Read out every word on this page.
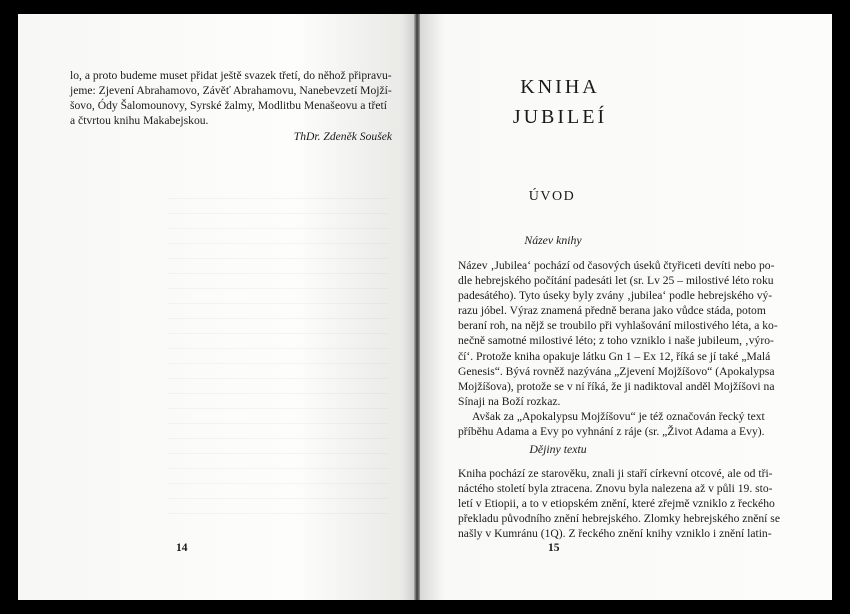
lo, a proto budeme muset přidat ještě svazek třetí, do něhož připravu-
jeme: Zjevení Abrahamovo, Závěť Abrahamovu, Nanebevzetí Mojží-
šovo, Ódy Šalomounovy, Syrské žalmy, Modlitbu Menašeovu a třetí
a čtvrtou knihu Makabejskou.
ThDr. Zdeněk Soušek
14
KNIHA
JUBILEÍ
ÚVOD
Název knihy
Název ‚Jubilea‘ pochází od časových úseků čtyřiceti devíti nebo po-
dle hebrejského počítání padesáti let (sr. Lv 25 – milostivé léto roku
padesátého). Tyto úseky byly zvány ‚jubilea‘ podle hebrejského vý-
razu jóbel. Výraz znamená předně berana jako vůdce stáda, potom
beraní roh, na nějž se troubilo při vyhlašování milostivého léta, a ko-
nečně samotné milostivé léto; z toho vzniklo i naše jubileum, ‚výro-
čí‘. Protože kniha opakuje látku Gn 1 – Ex 12, říká se jí také „Malá
Genesis“. Bývá rovněž nazývána „Zjevení Mojžíšovo“ (Apokalypsa
Mojžíšova), protože se v ní říká, že ji nadiktoval anděl Mojžíšovi na
Sínaji na Boží rozkaz.
Avšak za „Apokalypsu Mojžíšovu“ je též označován řecký text
příběhu Adama a Evy po vyhnání z ráje (sr. „Život Adama a Evy).
Dějiny textu
Kniha pochází ze starověku, znali ji staří církevní otcové, ale od tři-
náctého století byla ztracena. Znovu byla nalezena až v půli 19. sto-
letí v Etiopii, a to v etiopském znění, které zřejmě vzniklo z řeckého
překladu původního znění hebrejského. Zlomky hebrejského znění se
našly v Kumránu (1Q). Z řeckého znění knihy vzniklo i znění latin-
15
